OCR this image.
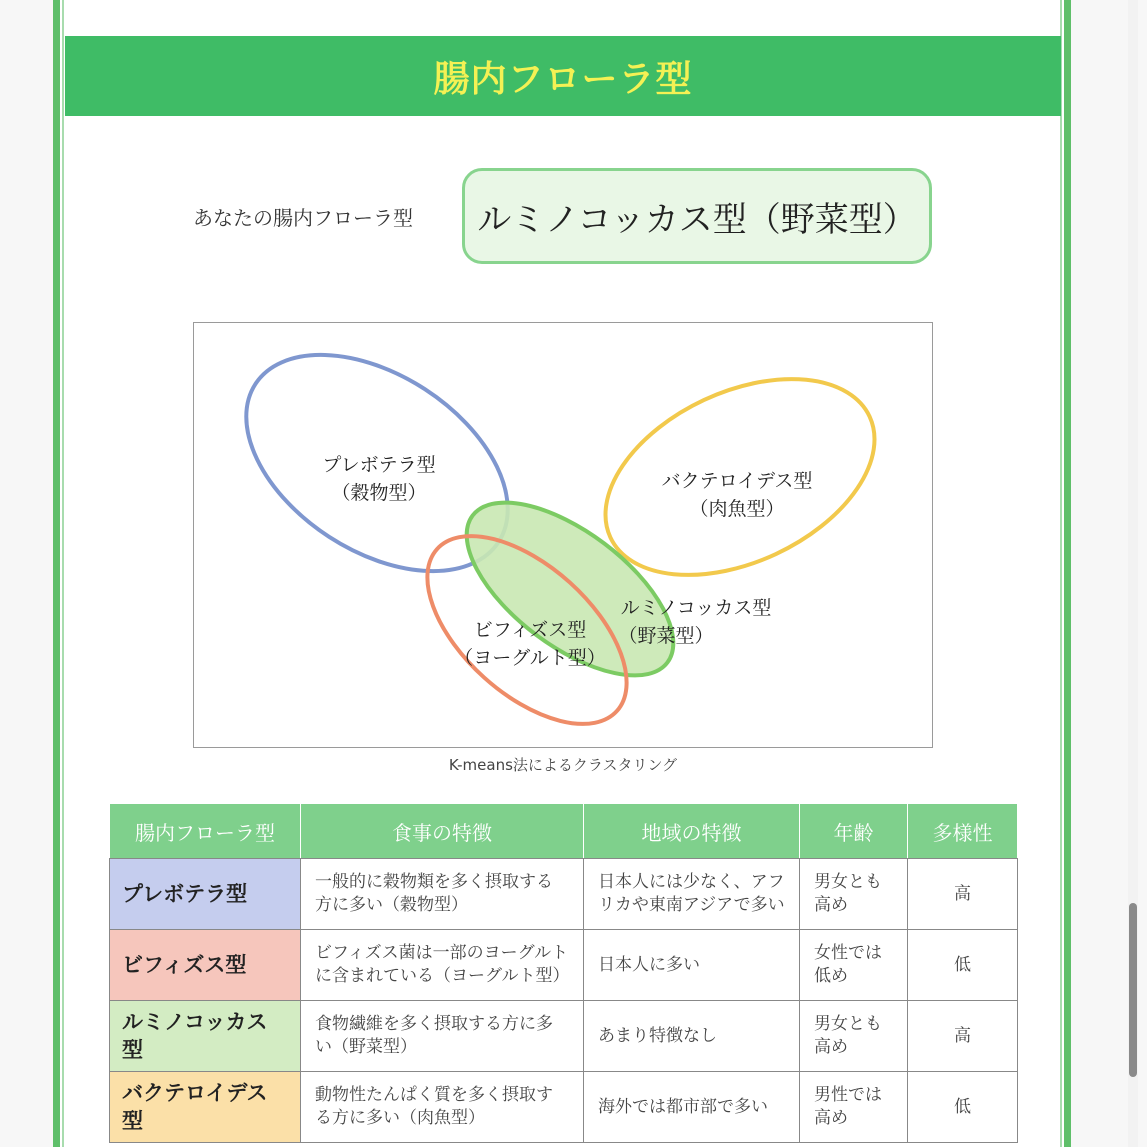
腸内フローラ型
あなたの腸内フローラ型 ルミノコッカス型（野菜型）
プレボテラ型
（穀物型）
バクテロイデス型
（肉魚型）
ルミノコッカス型
（野菜型）
ビフィズス型
（ヨーグルト型）
K-means法によるクラスタリング
腸内フローラ型	食事の特徴	地域の特徴	年齢	多様性
プレボテラ型	一般的に穀物類を多く摂取する方に多い（穀物型）	日本人には少なく、アフリカや東南アジアで多い	男女とも高め	高
ビフィズス型	ビフィズス菌は一部のヨーグルトに含まれている（ヨーグルト型）	日本人に多い	女性では低め	低
ルミノコッカス型	食物繊維を多く摂取する方に多い（野菜型）	あまり特徴なし	男女とも高め	高
バクテロイデス型	動物性たんぱく質を多く摂取する方に多い（肉魚型）	海外では都市部で多い	男性では高め	低
